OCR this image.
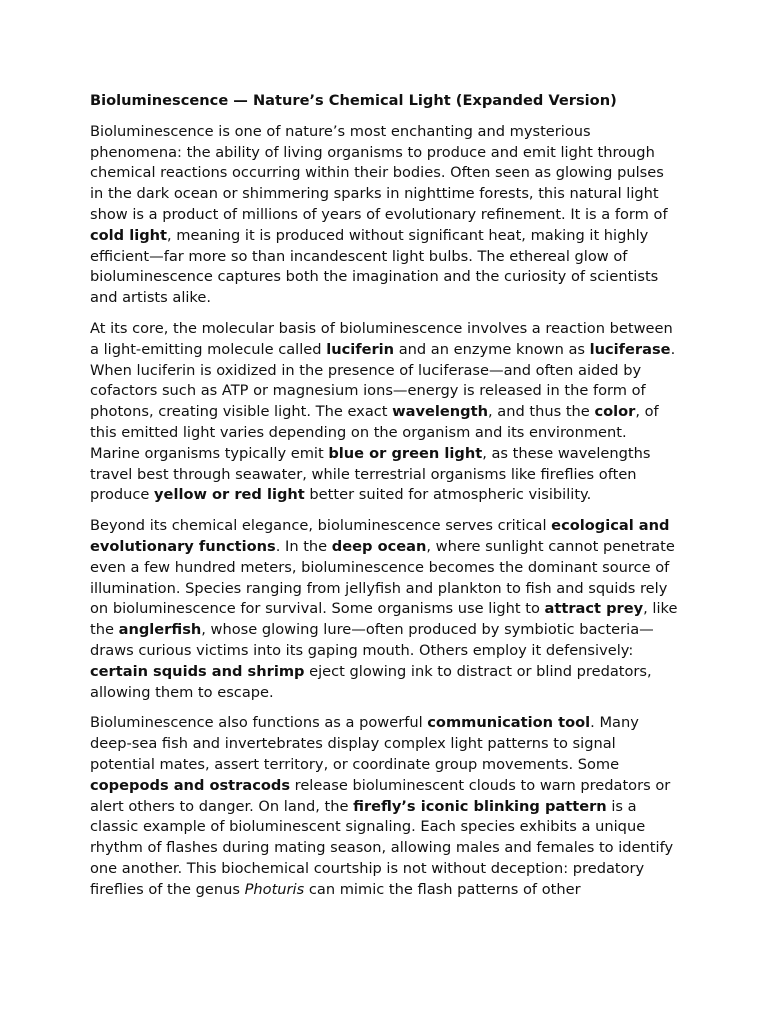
Bioluminescence — Nature’s Chemical Light (Expanded Version)

Bioluminescence is one of nature’s most enchanting and mysterious phenomena: the ability of living organisms to produce and emit light through chemical reactions occurring within their bodies. Often seen as glowing pulses in the dark ocean or shimmering sparks in nighttime forests, this natural light show is a product of millions of years of evolutionary refinement. It is a form of cold light, meaning it is produced without significant heat, making it highly efficient—far more so than incandescent light bulbs. The ethereal glow of bioluminescence captures both the imagination and the curiosity of scientists and artists alike.

At its core, the molecular basis of bioluminescence involves a reaction between a light-emitting molecule called luciferin and an enzyme known as luciferase. When luciferin is oxidized in the presence of luciferase—and often aided by cofactors such as ATP or magnesium ions—energy is released in the form of photons, creating visible light. The exact wavelength, and thus the color, of this emitted light varies depending on the organism and its environment. Marine organisms typically emit blue or green light, as these wavelengths travel best through seawater, while terrestrial organisms like fireflies often produce yellow or red light better suited for atmospheric visibility.

Beyond its chemical elegance, bioluminescence serves critical ecological and evolutionary functions. In the deep ocean, where sunlight cannot penetrate even a few hundred meters, bioluminescence becomes the dominant source of illumination. Species ranging from jellyfish and plankton to fish and squids rely on bioluminescence for survival. Some organisms use light to attract prey, like the anglerfish, whose glowing lure—often produced by symbiotic bacteria—draws curious victims into its gaping mouth. Others employ it defensively: certain squids and shrimp eject glowing ink to distract or blind predators, allowing them to escape.

Bioluminescence also functions as a powerful communication tool. Many deep-sea fish and invertebrates display complex light patterns to signal potential mates, assert territory, or coordinate group movements. Some copepods and ostracods release bioluminescent clouds to warn predators or alert others to danger. On land, the firefly’s iconic blinking pattern is a classic example of bioluminescent signaling. Each species exhibits a unique rhythm of flashes during mating season, allowing males and females to identify one another. This biochemical courtship is not without deception: predatory fireflies of the genus Photuris can mimic the flash patterns of other
